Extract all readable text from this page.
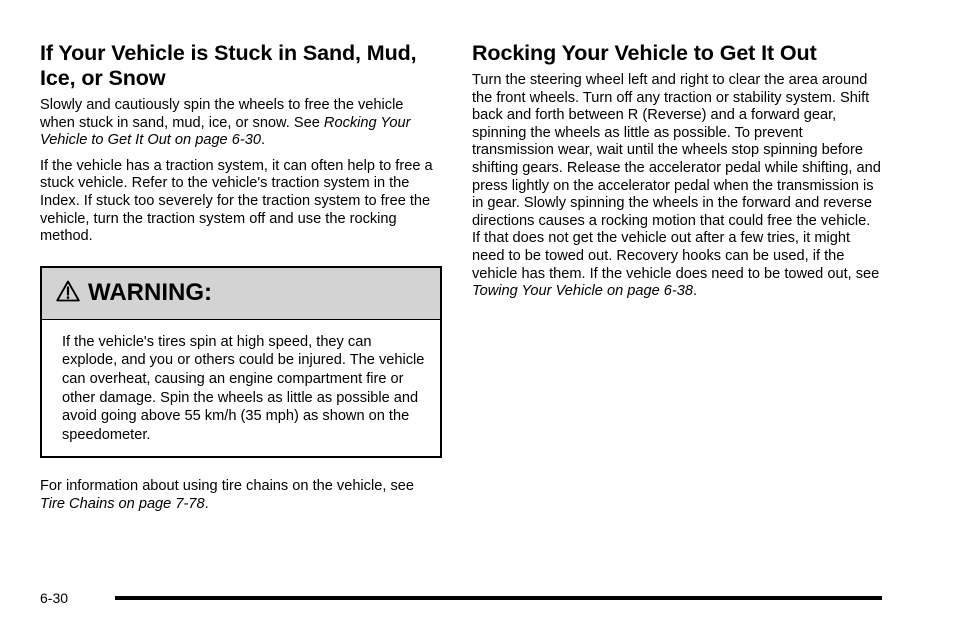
If Your Vehicle is Stuck in Sand, Mud, Ice, or Snow

Slowly and cautiously spin the wheels to free the vehicle when stuck in sand, mud, ice, or snow. See Rocking Your Vehicle to Get It Out on page 6-30.

If the vehicle has a traction system, it can often help to free a stuck vehicle. Refer to the vehicle's traction system in the Index. If stuck too severely for the traction system to free the vehicle, turn the traction system off and use the rocking method.

WARNING:

If the vehicle's tires spin at high speed, they can explode, and you or others could be injured. The vehicle can overheat, causing an engine compartment fire or other damage. Spin the wheels as little as possible and avoid going above 55 km/h (35 mph) as shown on the speedometer.

For information about using tire chains on the vehicle, see Tire Chains on page 7-78.

Rocking Your Vehicle to Get It Out

Turn the steering wheel left and right to clear the area around the front wheels. Turn off any traction or stability system. Shift back and forth between R (Reverse) and a forward gear, spinning the wheels as little as possible. To prevent transmission wear, wait until the wheels stop spinning before shifting gears. Release the accelerator pedal while shifting, and press lightly on the accelerator pedal when the transmission is in gear. Slowly spinning the wheels in the forward and reverse directions causes a rocking motion that could free the vehicle. If that does not get the vehicle out after a few tries, it might need to be towed out. Recovery hooks can be used, if the vehicle has them. If the vehicle does need to be towed out, see Towing Your Vehicle on page 6-38.

6-30
